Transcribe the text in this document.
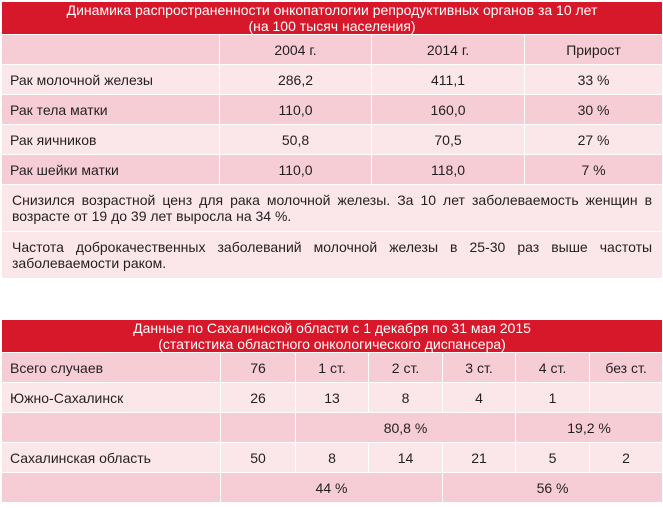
Динамика распространенности онкопатологии репродуктивных органов за 10 лет
(на 100 тысяч населения)			

	2004 г.	2014 г.	Прирост
Рак молочной железы	286,2	411,1	33 %
Рак тела матки	110,0	160,0	30 %
Рак яичников	50,8	70,5	27 %
Рак шейки матки	110,0	118,0	7 %
Снизился возрастной ценз для рака молочной железы. За 10 лет заболеваемость женщин в возрасте от 19 до 39 лет выросла на 34 %.			
Частота доброкачественных заболеваний молочной железы в 25-30 раз выше частоты заболеваемости раком.			
Данные по Сахалинской области с 1 декабря по 31 мая 2015
(статистика областного онкологического диспансера)						

Всего случаев	76	1 ст.	2 ст.	3 ст.	4 ст.	без ст.
Южно-Сахалинск	26	13	8	4	1	
		80,8 %			19,2 %	
Сахалинская область	50	8	14	21	5	2
	44 %			56 %		
